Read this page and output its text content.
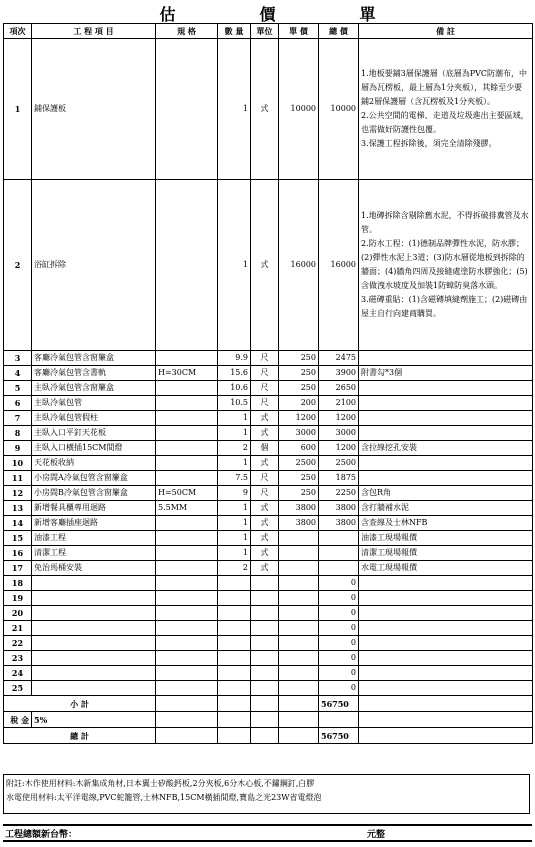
估	價	單
項次	工 程 項 目	規 格	數 量	單位	單 價	總 價	備 註
1	鋪保護板		1	式	10000	10000	1.地板要鋪3層保護層（底層為PVC防潮布，中層為瓦楞板，最上層為1分夾板），其餘至少要鋪2層保護層（含瓦楞板及1分夾板）。
2.公共空間的電梯、走道及垃圾進出主要區域，也需做好防護性包覆。
3.保護工程拆除後，須完全清除殘膠。
2	浴缸拆除		1	式	16000	16000	1.地磚拆除含剔除舊水泥，不得拆破排糞管及水管。
2.防水工程：(1)德制品牌彈性水泥，防水膠；(2)彈性水泥上3道；(3)防水層從地板到拆除的牆面；(4)牆角四周及接縫處塗防水膠強化；(5)含做洩水坡度及加裝1防蟑防臭落水頭。
3.磁磚重貼：(1)含磁磚填縫劑施工；(2)磁磚由屋主自行向建商購買。
3	客廳冷氣包管含窗簾盒		9.9	尺	250	2475	
4	客廳冷氣包管含書軌	H=30CM	15.6	尺	250	3900	附書勾*3個
5	主臥冷氣包管含窗簾盒		10.6	尺	250	2650	
6	主臥冷氣包管		10.5	尺	200	2100	
7	主臥冷氣包管假柱		1	式	1200	1200	
8	主臥入口平釘天花板		1	式	3000	3000	
9	主臥入口橫插15CM間燈		2	個	600	1200	含拉線挖孔安裝
10	天花板收納		1	式	2500	2500	
11	小房間A冷氣包管含窗簾盒		7.5	尺	250	1875	
12	小房間B冷氣包管含窗簾盒	H=50CM	9	尺	250	2250	含包R角
13	新增餐具櫃專用迴路	5.5MM	1	式	3800	3800	含打牆補水泥
14	新增客廳插座迴路		1	式	3800	3800	含查線及士林NFB
15	油漆工程		1	式			油漆工現場報價
16	清潔工程		1	式			清潔工現場報價
17	免治馬桶安裝		2	式			水電工現場報價
18						0	
19						0	
20						0	
21						0	
22						0	
23						0	
24						0	
25						0	
小 計						56750	
稅 金	5%						
總 計						56750	
附註:木作使用材料:木新集成角材,日本翼士矽酸鈣板,2分夾板,6分木心板,不鏽鋼釘,白膠
水電使用材料:太平洋電線,PVC蛇籠管,士林NFB,15CM橫插間燈,寶島之光23W省電燈泡
工程總額新台幣：	元整
